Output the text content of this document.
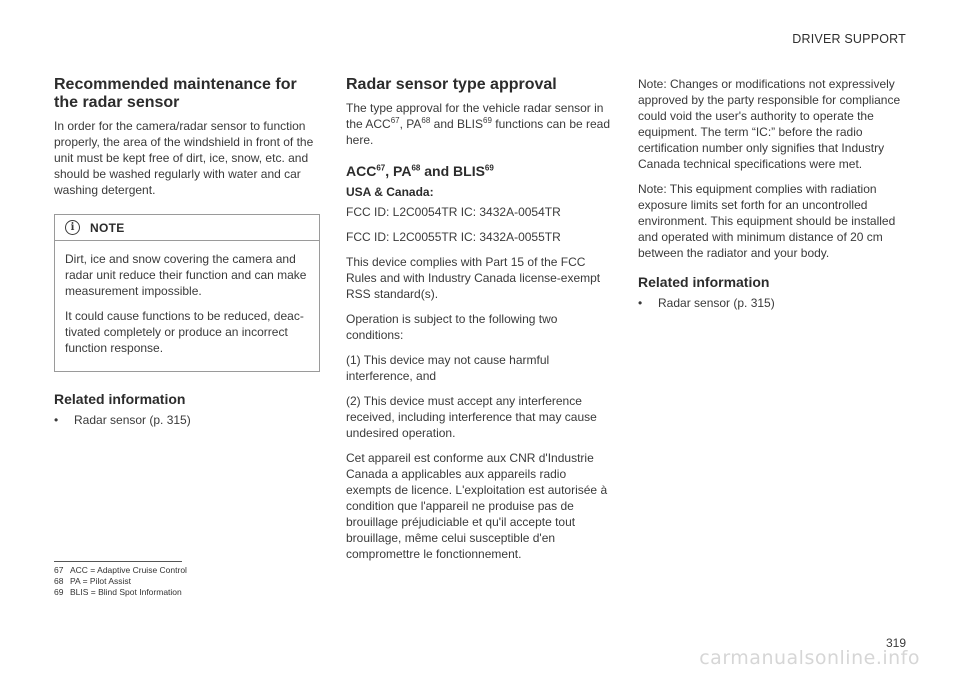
DRIVER SUPPORT
Recommended maintenance for the radar sensor

In order for the camera/radar sensor to function properly, the area of the windshield in front of the unit must be kept free of dirt, ice, snow, etc. and should be washed regularly with water and car washing detergent.

i	NOTE

Dirt, ice and snow covering the camera and radar unit reduce their function and can make measurement impossible.

It could cause functions to be reduced, deac-tivated completely or produce an incorrect function response.

Related information
•	Radar sensor (p. 315)
Radar sensor type approval

The type approval for the vehicle radar sensor in the ACC$^{67}$, PA$^{68}$ and BLIS$^{69}$ functions can be read here.

ACC$^{67}$, PA$^{68}$ and BLIS$^{69}$
USA & Canada:

FCC ID: L2C0054TR IC: 3432A-0054TR

FCC ID: L2C0055TR IC: 3432A-0055TR

This device complies with Part 15 of the FCC Rules and with Industry Canada license-exempt RSS standard(s).

Operation is subject to the following two conditions:

(1) This device may not cause harmful interference, and

(2) This device must accept any interference received, including interference that may cause undesired operation.

Cet appareil est conforme aux CNR d'Industrie Canada a applicables aux appareils radio exempts de licence. L'exploitation est autorisée à condition que l'appareil ne produise pas de brouillage préjudiciable et qu'il accepte tout brouillage, même celui susceptible d'en compromettre le fonctionnement.

Note: Changes or modifications not expressively approved by the party responsible for compliance could void the user's authority to operate the equipment. The term “IC:” before the radio certification number only signifies that Industry Canada technical specifications were met.

Note: This equipment complies with radiation exposure limits set forth for an uncontrolled environment. This equipment should be installed and operated with minimum distance of 20 cm between the radiator and your body.

Related information
•	Radar sensor (p. 315)
67 ACC = Adaptive Cruise Control
68 PA = Pilot Assist
69 BLIS = Blind Spot Information
319
carmanualsonline.info
